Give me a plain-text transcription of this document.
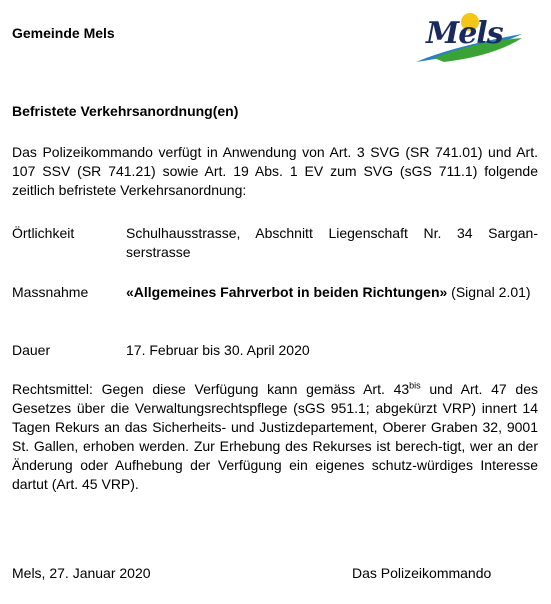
Gemeinde Mels	Mels
Befristete Verkehrsanordnung(en)
Das Polizeikommando verfügt in Anwendung von Art. 3 SVG (SR 741.01) und Art. 107 SSV (SR 741.21) sowie Art. 19 Abs. 1 EV zum SVG (sGS 711.1) folgende zeitlich befristete Verkehrsanordnung:
Örtlichkeit	Schulhausstrasse, Abschnitt Liegenschaft Nr. 34 Sargan-serstrasse
Massnahme	«Allgemeines Fahrverbot in beiden Richtungen» (Signal 2.01)
Dauer	17. Februar bis 30. April 2020
Rechtsmittel: Gegen diese Verfügung kann gemäss Art. $43^{bis}$ und Art. 47 des Gesetzes über die Verwaltungsrechtspflege (sGS 951.1; abgekürzt VRP) innert 14 Tagen Rekurs an das Sicherheits- und Justizdepartement, Oberer Graben 32, 9001 St. Gallen, erhoben werden. Zur Erhebung des Rekurses ist berech-tigt, wer an der Änderung oder Aufhebung der Verfügung ein eigenes schutz-würdiges Interesse dartut (Art. 45 VRP).
Mels, 27. Januar 2020	Das Polizeikommando
